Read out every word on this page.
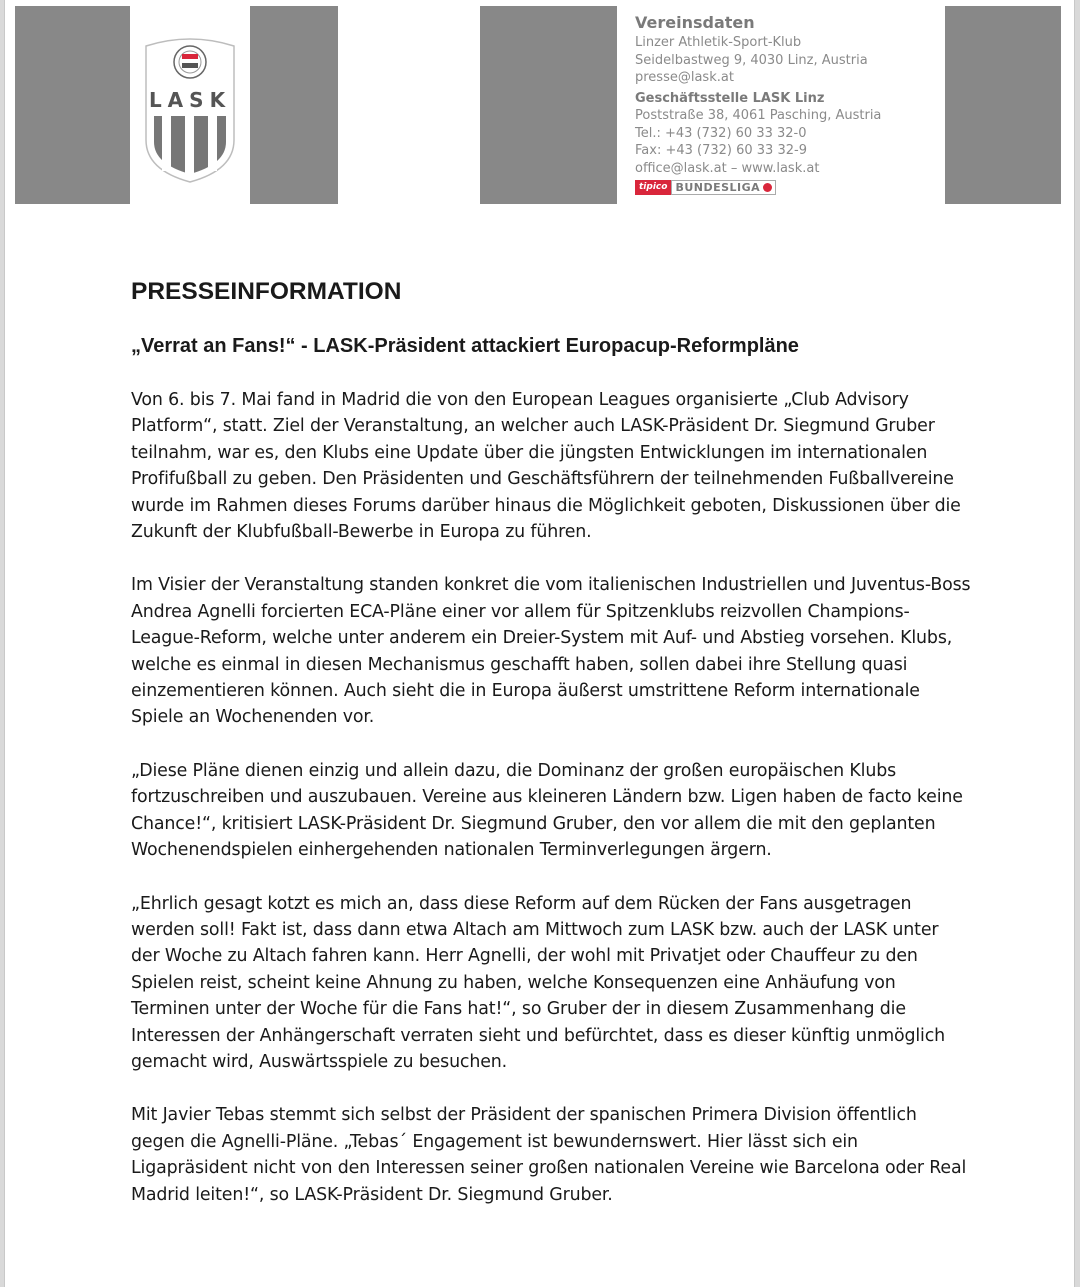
LASK
Vereinsdaten
Linzer Athletik-Sport-Klub
Seidelbastweg 9, 4030 Linz, Austria
presse@lask.at
Geschäftsstelle LASK Linz
Poststraße 38, 4061 Pasching, Austria
Tel.: +43 (732) 60 33 32-0
Fax: +43 (732) 60 33 32-9
office@lask.at – www.lask.at
tipico BUNDESLIGA
PRESSEINFORMATION
„Verrat an Fans!“ - LASK-Präsident attackiert Europacup-Reformpläne

Von 6. bis 7. Mai fand in Madrid die von den European Leagues organisierte „Club Advisory Platform“, statt. Ziel der Veranstaltung, an welcher auch LASK-Präsident Dr. Siegmund Gruber teilnahm, war es, den Klubs eine Update über die jüngsten Entwicklungen im internationalen Profifußball zu geben. Den Präsidenten und Geschäftsführern der teilnehmenden Fußballvereine wurde im Rahmen dieses Forums darüber hinaus die Möglichkeit geboten, Diskussionen über die Zukunft der Klubfußball-Bewerbe in Europa zu führen.

Im Visier der Veranstaltung standen konkret die vom italienischen Industriellen und Juventus-Boss Andrea Agnelli forcierten ECA-Pläne einer vor allem für Spitzenklubs reizvollen Champions-League-Reform, welche unter anderem ein Dreier-System mit Auf- und Abstieg vorsehen. Klubs, welche es einmal in diesen Mechanismus geschafft haben, sollen dabei ihre Stellung quasi einzementieren können. Auch sieht die in Europa äußerst umstrittene Reform internationale Spiele an Wochenenden vor.

„Diese Pläne dienen einzig und allein dazu, die Dominanz der großen europäischen Klubs fortzuschreiben und auszubauen. Vereine aus kleineren Ländern bzw. Ligen haben de facto keine Chance!“, kritisiert LASK-Präsident Dr. Siegmund Gruber, den vor allem die mit den geplanten Wochenendspielen einhergehenden nationalen Terminverlegungen ärgern.

„Ehrlich gesagt kotzt es mich an, dass diese Reform auf dem Rücken der Fans ausgetragen werden soll! Fakt ist, dass dann etwa Altach am Mittwoch zum LASK bzw. auch der LASK unter der Woche zu Altach fahren kann. Herr Agnelli, der wohl mit Privatjet oder Chauffeur zu den Spielen reist, scheint keine Ahnung zu haben, welche Konsequenzen eine Anhäufung von Terminen unter der Woche für die Fans hat!“, so Gruber der in diesem Zusammenhang die Interessen der Anhängerschaft verraten sieht und befürchtet, dass es dieser künftig unmöglich gemacht wird, Auswärtsspiele zu besuchen.

Mit Javier Tebas stemmt sich selbst der Präsident der spanischen Primera Division öffentlich gegen die Agnelli-Pläne. „Tebas´ Engagement ist bewundernswert. Hier lässt sich ein Ligapräsident nicht von den Interessen seiner großen nationalen Vereine wie Barcelona oder Real Madrid leiten!“, so LASK-Präsident Dr. Siegmund Gruber.
